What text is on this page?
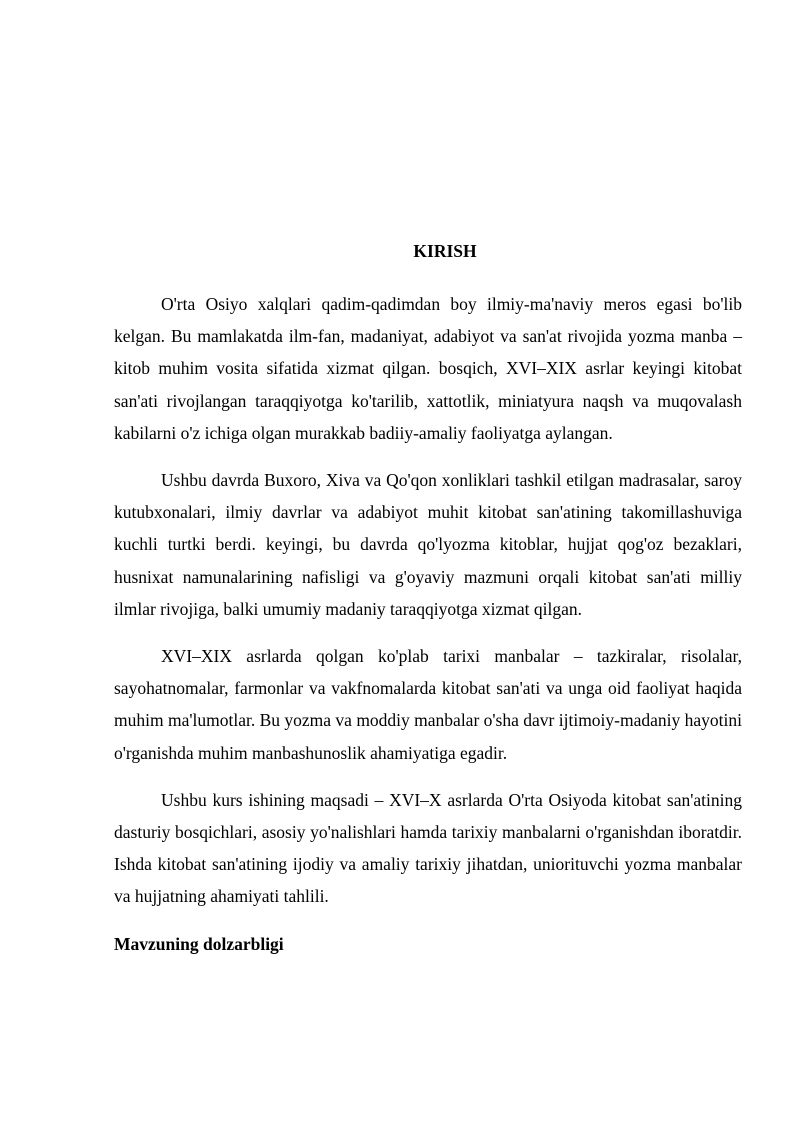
KIRISH

O'rta Osiyo xalqlari qadim-qadimdan boy ilmiy-ma'naviy meros egasi bo'lib kelgan. Bu mamlakatda ilm-fan, madaniyat, adabiyot va san'at rivojida yozma manba – kitob muhim vosita sifatida xizmat qilgan. bosqich, XVI–XIX asrlar keyingi kitobat san'ati rivojlangan taraqqiyotga ko'tarilib, xattotlik, miniatyura naqsh va muqovalash kabilarni o'z ichiga olgan murakkab badiiy-amaliy faoliyatga aylangan.

Ushbu davrda Buxoro, Xiva va Qo'qon xonliklari tashkil etilgan madrasalar, saroy kutubxonalari, ilmiy davrlar va adabiyot muhit kitobat san'atining takomillashuviga kuchli turtki berdi. keyingi, bu davrda qo'lyozma kitoblar, hujjat qog'oz bezaklari, husnixat namunalarining nafisligi va g'oyaviy mazmuni orqali kitobat san'ati milliy ilmlar rivojiga, balki umumiy madaniy taraqqiyotga xizmat qilgan.

XVI–XIX asrlarda qolgan ko'plab tarixi manbalar – tazkiralar, risolalar, sayohatnomalar, farmonlar va vakfnomalarda kitobat san'ati va unga oid faoliyat haqida muhim ma'lumotlar. Bu yozma va moddiy manbalar o'sha davr ijtimoiy-madaniy hayotini o'rganishda muhim manbashunoslik ahamiyatiga egadir.

Ushbu kurs ishining maqsadi – XVI–X asrlarda O'rta Osiyoda kitobat san'atining dasturiy bosqichlari, asosiy yo'nalishlari hamda tarixiy manbalarni o'rganishdan iboratdir. Ishda kitobat san'atining ijodiy va amaliy tarixiy jihatdan, uniorituvchi yozma manbalar va hujjatning ahamiyati tahlili.

Mavzuning dolzarbligi
